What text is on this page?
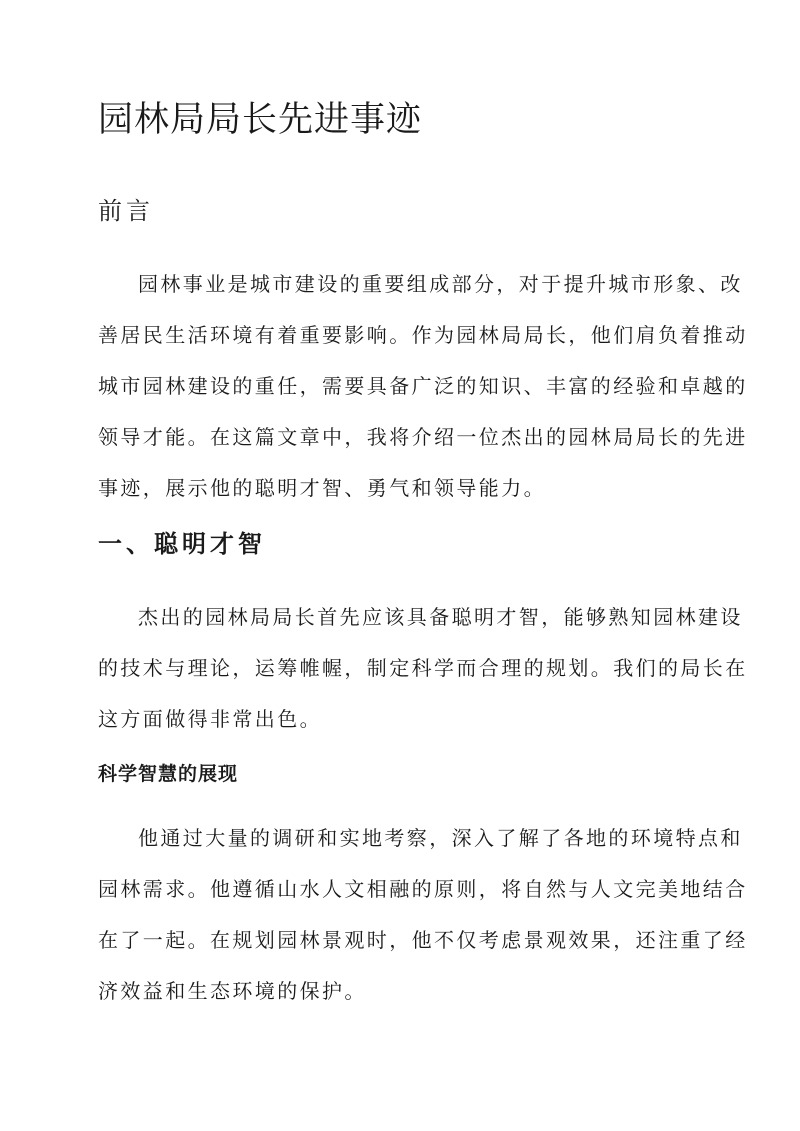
园林局局长先进事迹
前言
园林事业是城市建设的重要组成部分，对于提升城市形象、改
善居民生活环境有着重要影响。作为园林局局长，他们肩负着推动
城市园林建设的重任，需要具备广泛的知识、丰富的经验和卓越的
领导才能。在这篇文章中，我将介绍一位杰出的园林局局长的先进
事迹，展示他的聪明才智、勇气和领导能力。
一、聪明才智
杰出的园林局局长首先应该具备聪明才智，能够熟知园林建设
的技术与理论，运筹帷幄，制定科学而合理的规划。我们的局长在
这方面做得非常出色。
科学智慧的展现
他通过大量的调研和实地考察，深入了解了各地的环境特点和
园林需求。他遵循山水人文相融的原则，将自然与人文完美地结合
在了一起。在规划园林景观时，他不仅考虑景观效果，还注重了经
济效益和生态环境的保护。
